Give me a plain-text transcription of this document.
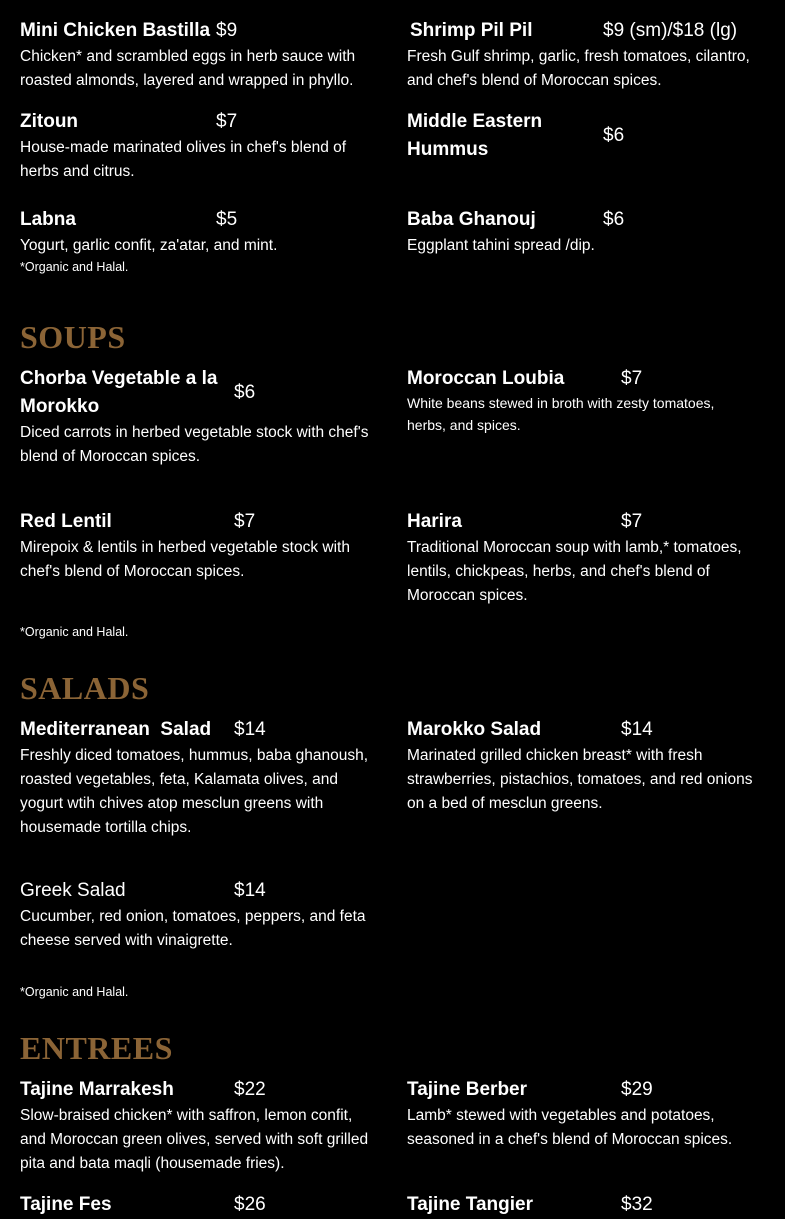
Mini Chicken Bastilla $9
Chicken* and scrambled eggs in herb sauce with roasted almonds, layered and wrapped in phyllo.
Shrimp Pil Pil	$9 (sm)/$18 (lg)
Fresh Gulf shrimp, garlic, fresh tomatoes, cilantro, and chef's blend of Moroccan spices.
Zitoun	$7
House-made marinated olives in chef's blend of herbs and citrus.
Middle Eastern Hummus
$6
Labna	$5
Yogurt, garlic confit, za'atar, and mint.
*Organic and Halal.
Baba Ghanouj	$6
Eggplant tahini spread /dip.
SOUPS
Chorba Vegetable a la Morokko
$6
Diced carrots in herbed vegetable stock with chef's blend of Moroccan spices.
Moroccan Loubia	$7
White beans stewed in broth with zesty tomatoes, herbs, and spices.
Red Lentil	$7
Mirepoix & lentils in herbed vegetable stock with chef's blend of Moroccan spices.
Harira	$7
Traditional Moroccan soup with lamb,* tomatoes, lentils, chickpeas, herbs, and chef's blend of Moroccan spices.
*Organic and Halal.
SALADS
Mediterranean  Salad $14
Freshly diced tomatoes, hummus, baba ghanoush, roasted vegetables, feta, Kalamata olives, and yogurt wtih chives atop mesclun greens with housemade tortilla chips.
Marokko Salad	$14
Marinated grilled chicken breast* with fresh strawberries, pistachios, tomatoes, and red onions on a bed of mesclun greens.
Greek Salad	$14
Cucumber, red onion, tomatoes, peppers, and feta cheese served with vinaigrette.
*Organic and Halal.
ENTREES
Tajine Marrakesh	$22
Slow-braised chicken* with saffron, lemon confit, and Moroccan green olives, served with soft grilled pita and bata maqli (housemade fries).
Tajine Berber	$29
Lamb* stewed with vegetables and potatoes, seasoned in a chef's blend of Moroccan spices.
Tajine Fes	$26	Tajine Tangier	$32
